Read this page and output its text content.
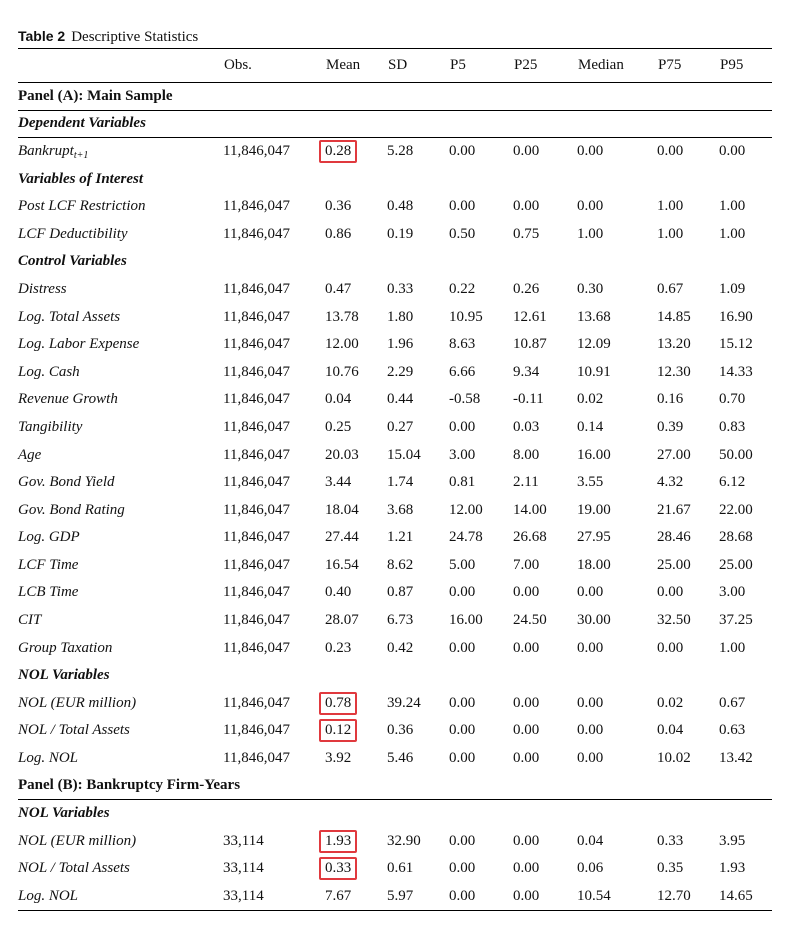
Table 2 Descriptive Statistics
	Obs.	Mean	SD	P5	P25	Median	P75	P95
Panel (A): Main Sample								
Dependent Variables								
Bankrupt$_{t+1}$	11,846,047	0.28	5.28	0.00	0.00	0.00	0.00	0.00
Variables of Interest								
Post LCF Restriction	11,846,047	0.36	0.48	0.00	0.00	0.00	1.00	1.00
LCF Deductibility	11,846,047	0.86	0.19	0.50	0.75	1.00	1.00	1.00
Control Variables								
Distress	11,846,047	0.47	0.33	0.22	0.26	0.30	0.67	1.09
Log. Total Assets	11,846,047	13.78	1.80	10.95	12.61	13.68	14.85	16.90
Log. Labor Expense	11,846,047	12.00	1.96	8.63	10.87	12.09	13.20	15.12
Log. Cash	11,846,047	10.76	2.29	6.66	9.34	10.91	12.30	14.33
Revenue Growth	11,846,047	0.04	0.44	-0.58	-0.11	0.02	0.16	0.70
Tangibility	11,846,047	0.25	0.27	0.00	0.03	0.14	0.39	0.83
Age	11,846,047	20.03	15.04	3.00	8.00	16.00	27.00	50.00
Gov. Bond Yield	11,846,047	3.44	1.74	0.81	2.11	3.55	4.32	6.12
Gov. Bond Rating	11,846,047	18.04	3.68	12.00	14.00	19.00	21.67	22.00
Log. GDP	11,846,047	27.44	1.21	24.78	26.68	27.95	28.46	28.68
LCF Time	11,846,047	16.54	8.62	5.00	7.00	18.00	25.00	25.00
LCB Time	11,846,047	0.40	0.87	0.00	0.00	0.00	0.00	3.00
CIT	11,846,047	28.07	6.73	16.00	24.50	30.00	32.50	37.25
Group Taxation	11,846,047	0.23	0.42	0.00	0.00	0.00	0.00	1.00
NOL Variables								
NOL (EUR million)	11,846,047	0.78	39.24	0.00	0.00	0.00	0.02	0.67
NOL / Total Assets	11,846,047	0.12	0.36	0.00	0.00	0.00	0.04	0.63
Log. NOL	11,846,047	3.92	5.46	0.00	0.00	0.00	10.02	13.42
Panel (B): Bankruptcy Firm-Years								
NOL Variables								
NOL (EUR million)	33,114	1.93	32.90	0.00	0.00	0.04	0.33	3.95
NOL / Total Assets	33,114	0.33	0.61	0.00	0.00	0.06	0.35	1.93
Log. NOL	33,114	7.67	5.97	0.00	0.00	10.54	12.70	14.65
